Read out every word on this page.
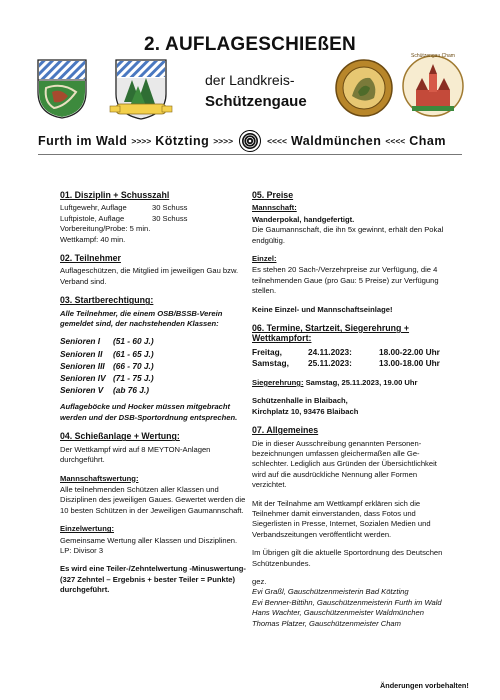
2. AUFLAGESCHIEßEN
der Landkreis-
Schützengaue
Schützengau Cham
Furth im Wald >>>> Kötzting >>>>	<<<< Waldmünchen <<<< Cham
01. Disziplin + Schusszahl
Luftgewehr, Auflage	30 Schuss
Luftpistole, Auflage	30 Schuss
Vorbereitung/Probe: 5 min.
Wettkampf: 40 min.
02. Teilnehmer
Auflageschützen, die Mitglied im jeweiligen Gau bzw. Verband sind.
03. Startberechtigung:
Alle Teilnehmer, die einem OSB/BSSB-Verein gemeldet sind, der nachstehenden Klassen:
Senioren I	(51 - 60 J.)
Senioren II	(61 - 65 J.)
Senioren III (66 - 70 J.)
Senioren IV (71 - 75 J.)
Senioren V	(ab 76 J.)
Auflageböcke und Hocker müssen mitgebracht werden und der DSB-Sportordnung entsprechen.
04. Schießanlage + Wertung:
Der Wettkampf wird auf 8 MEYTON-Anlagen durchgeführt.
Mannschaftswertung:
Alle teilnehmenden Schützen aller Klassen und Disziplinen des jeweiligen Gaues. Gewertet werden die 10 besten Schützen in der Jeweiligen Gaumannschaft.
Einzelwertung:
Gemeinsame Wertung aller Klassen und Disziplinen.
LP: Divisor 3
Es wird eine Teiler-/Zehntelwertung -Minuswertung- (327 Zehntel – Ergebnis + bester Teiler = Punkte) durchgeführt.
05. Preise
Mannschaft:
Wanderpokal, handgefertigt.
Die Gaumannschaft, die ihn 5x gewinnt, erhält den Pokal endgültig.
Einzel:
Es stehen 20 Sach-/Verzehrpreise zur Verfügung, die 4 teilnehmenden Gaue (pro Gau: 5 Preise) zur Verfügung stellen.
Keine Einzel- und Mannschaftseinlage!
06. Termine, Startzeit, Siegerehrung + Wettkampfort:
Freitag,	24.11.2023:	18.00-22.00 Uhr
Samstag,	25.11.2023:	13.00-18.00 Uhr
Siegerehrung: Samstag, 25.11.2023, 19.00 Uhr
Schützenhalle in Blaibach,
Kirchplatz 10, 93476 Blaibach
07. Allgemeines
Die in dieser Ausschreibung genannten Personen-bezeichnungen umfassen gleichermaßen alle Ge-schlechter. Lediglich aus Gründen der Übersichtlichkeit wird auf die ausdrückliche Nennung aller Formen verzichtet.
Mit der Teilnahme am Wettkampf erklären sich die Teilnehmer damit einverstanden, dass Fotos und Siegerlisten in Presse, Internet, Sozialen Medien und Verbandszeitungen veröffentlicht werden.
Im Übrigen gilt die aktuelle Sportordnung des Deutschen Schützenbundes.
gez.
Evi Graßl, Gauschützenmeisterin Bad Kötzting
Evi Benner-Bittihn, Gauschützenmeisterin Furth im Wald
Hans Wachter, Gauschützenmeister Waldmünchen
Thomas Platzer, Gauschützenmeister Cham
Änderungen vorbehalten!
